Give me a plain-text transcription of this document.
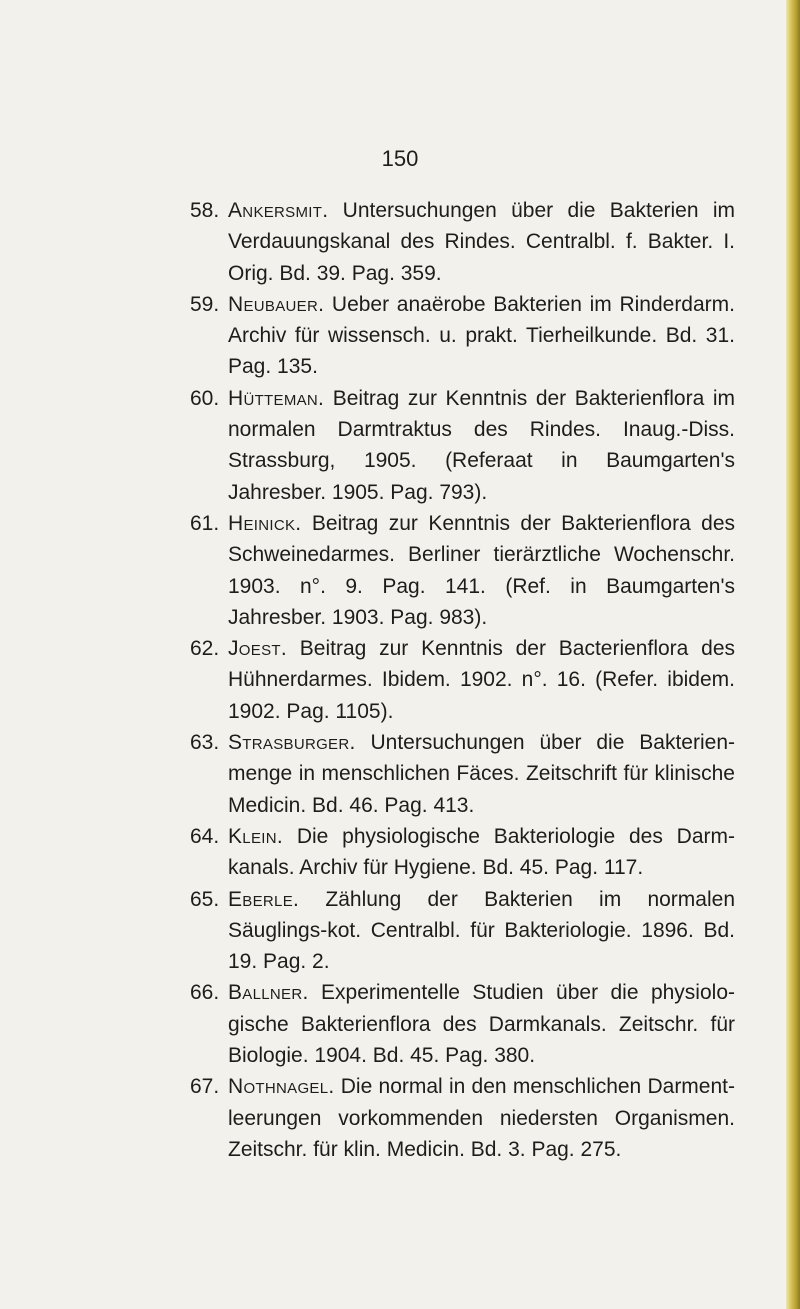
150
58. Ankersmit. Untersuchungen über die Bakterien im Verdauungskanal des Rindes. Centralbl. f. Bakter. I. Orig. Bd. 39. Pag. 359.
59. Neubauer. Ueber anaërobe Bakterien im Rinderdarm. Archiv für wissensch. u. prakt. Tierheilkunde. Bd. 31. Pag. 135.
60. Hütteman. Beitrag zur Kenntnis der Bakterienflora im normalen Darmtraktus des Rindes. Inaug.-Diss. Strassburg, 1905. (Referaat in Baumgarten's Jahresber. 1905. Pag. 793).
61. Heinick. Beitrag zur Kenntnis der Bakterienflora des Schweinedarmes. Berliner tierärztliche Wochenschr. 1903. n°. 9. Pag. 141. (Ref. in Baumgarten's Jahresber. 1903. Pag. 983).
62. Joest. Beitrag zur Kenntnis der Bacterienflora des Hühnerdarmes. Ibidem. 1902. n°. 16. (Refer. ibidem. 1902. Pag. 1105).
63. Strasburger. Untersuchungen über die Bakterien-menge in menschlichen Fäces. Zeitschrift für klinische Medicin. Bd. 46. Pag. 413.
64. Klein. Die physiologische Bakteriologie des Darm-kanals. Archiv für Hygiene. Bd. 45. Pag. 117.
65. Eberle. Zählung der Bakterien im normalen Säuglings-kot. Centralbl. für Bakteriologie. 1896. Bd. 19. Pag. 2.
66. Ballner. Experimentelle Studien über die physiolo-gische Bakterienflora des Darmkanals. Zeitschr. für Biologie. 1904. Bd. 45. Pag. 380.
67. Nothnagel. Die normal in den menschlichen Darment-leerungen vorkommenden niedersten Organismen. Zeitschr. für klin. Medicin. Bd. 3. Pag. 275.
